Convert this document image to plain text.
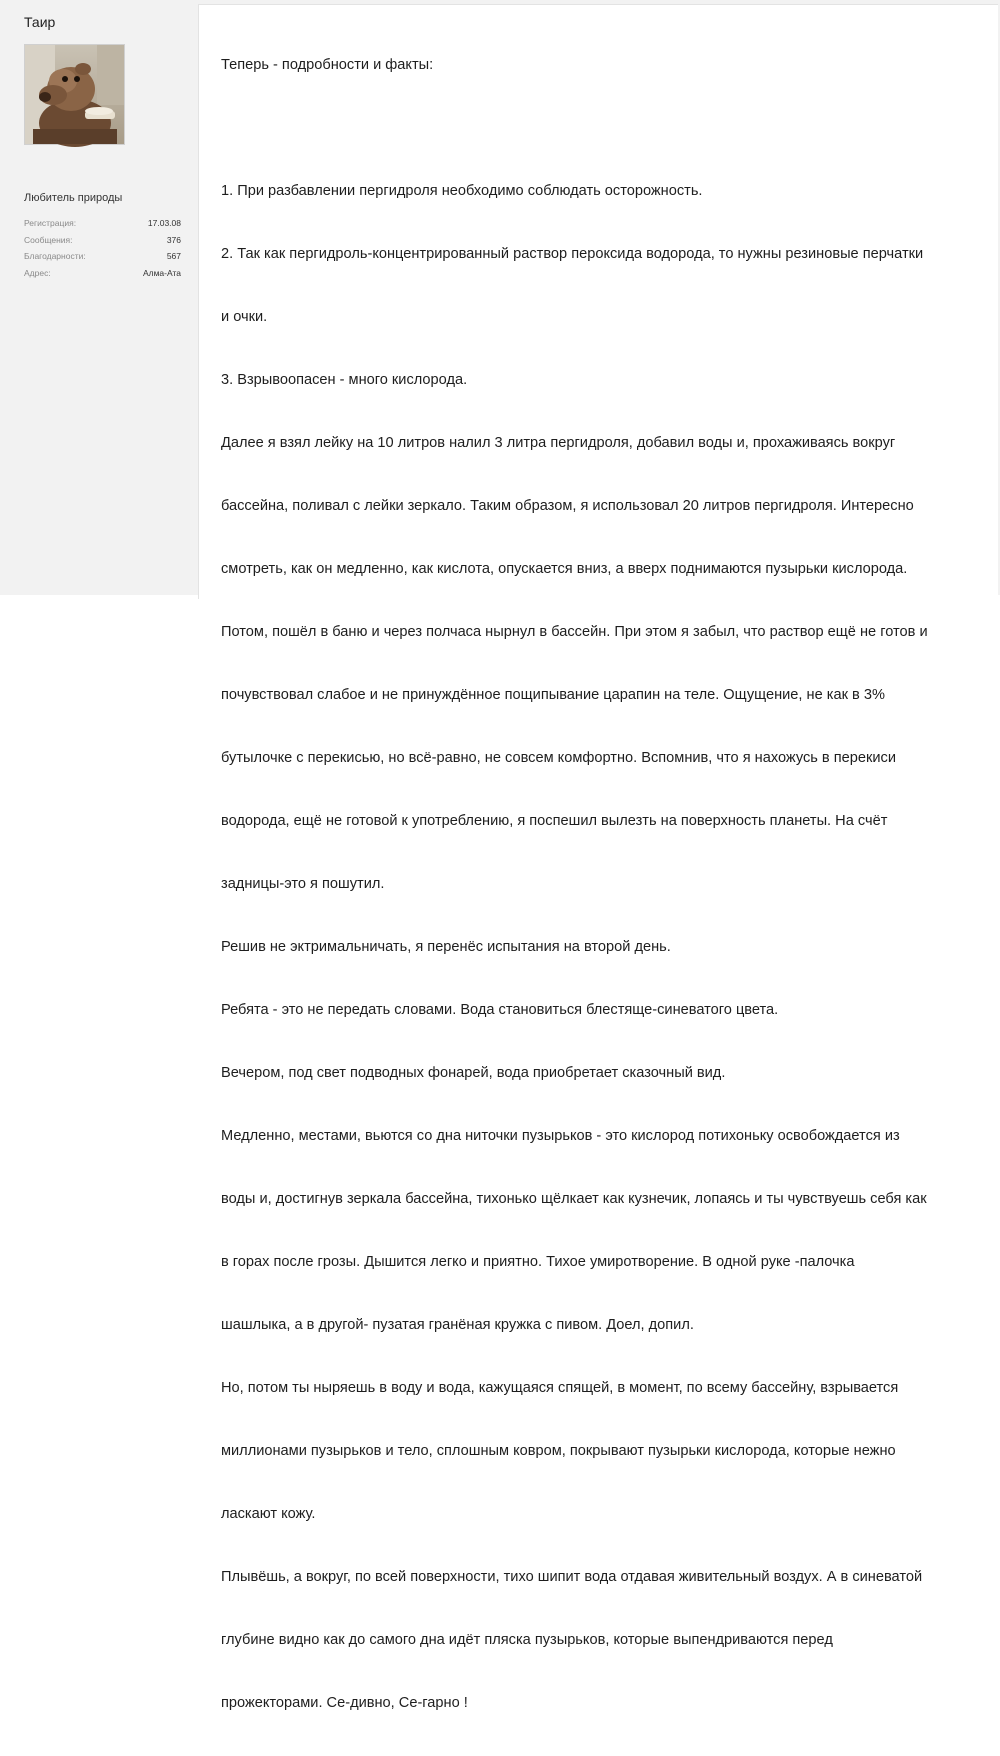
Таир
Любитель природы
Регистрация:	17.03.08
Сообщения:	376
Благодарности:	567
Адрес:	Алма-Ата

Теперь - подробности и факты:

1. При разбавлении пергидроля необходимо соблюдать осторожность.

2. Так как пергидроль-концентрированный раствор пероксида водорода, то нужны резиновые перчатки

и очки.

3. Взрывоопасен - много кислорода.

Далее я взял лейку на 10 литров налил 3 литра пергидроля, добавил воды и, прохаживаясь вокруг

бассейна, поливал с лейки зеркало. Таким образом, я использовал 20 литров пергидроля. Интересно

смотреть, как он медленно, как кислота, опускается вниз, а вверх поднимаются пузырьки кислорода.

Потом, пошёл в баню и через полчаса нырнул в бассейн. При этом я забыл, что раствор ещё не готов и

почувствовал слабое и не принуждённое пощипывание царапин на теле. Ощущение, не как в 3%

бутылочке с перекисью, но всё-равно, не совсем комфортно. Вспомнив, что я нахожусь в перекиси

водорода, ещё не готовой к употреблению, я поспешил вылезть на поверхность планеты. На счёт

задницы-это я пошутил.

Решив не эктримальничать, я перенёс испытания на второй день.

Ребята - это не передать словами. Вода становиться блестяще-синеватого цвета.

Вечером, под свет подводных фонарей, вода приобретает сказочный вид.

Медленно, местами, вьются со дна ниточки пузырьков - это кислород потихоньку освобождается из

воды и, достигнув зеркала бассейна, тихонько щёлкает как кузнечик, лопаясь и ты чувствуешь себя как

в горах после грозы. Дышится легко и приятно. Тихое умиротворение. В одной руке -палочка

шашлыка, а в другой- пузатая гранёная кружка с пивом. Доел, допил.

Но, потом ты ныряешь в воду и вода, кажущаяся спящей, в момент, по всему бассейну, взрывается

миллионами пузырьков и тело, сплошным ковром, покрывают пузырьки кислорода, которые нежно

ласкают кожу.

Плывёшь, а вокруг, по всей поверхности, тихо шипит вода отдавая живительный воздух. А в синеватой

глубине видно как до самого дна идёт пляска пузырьков, которые выпендриваются перед

прожекторами. Се-дивно, Се-гарно !
